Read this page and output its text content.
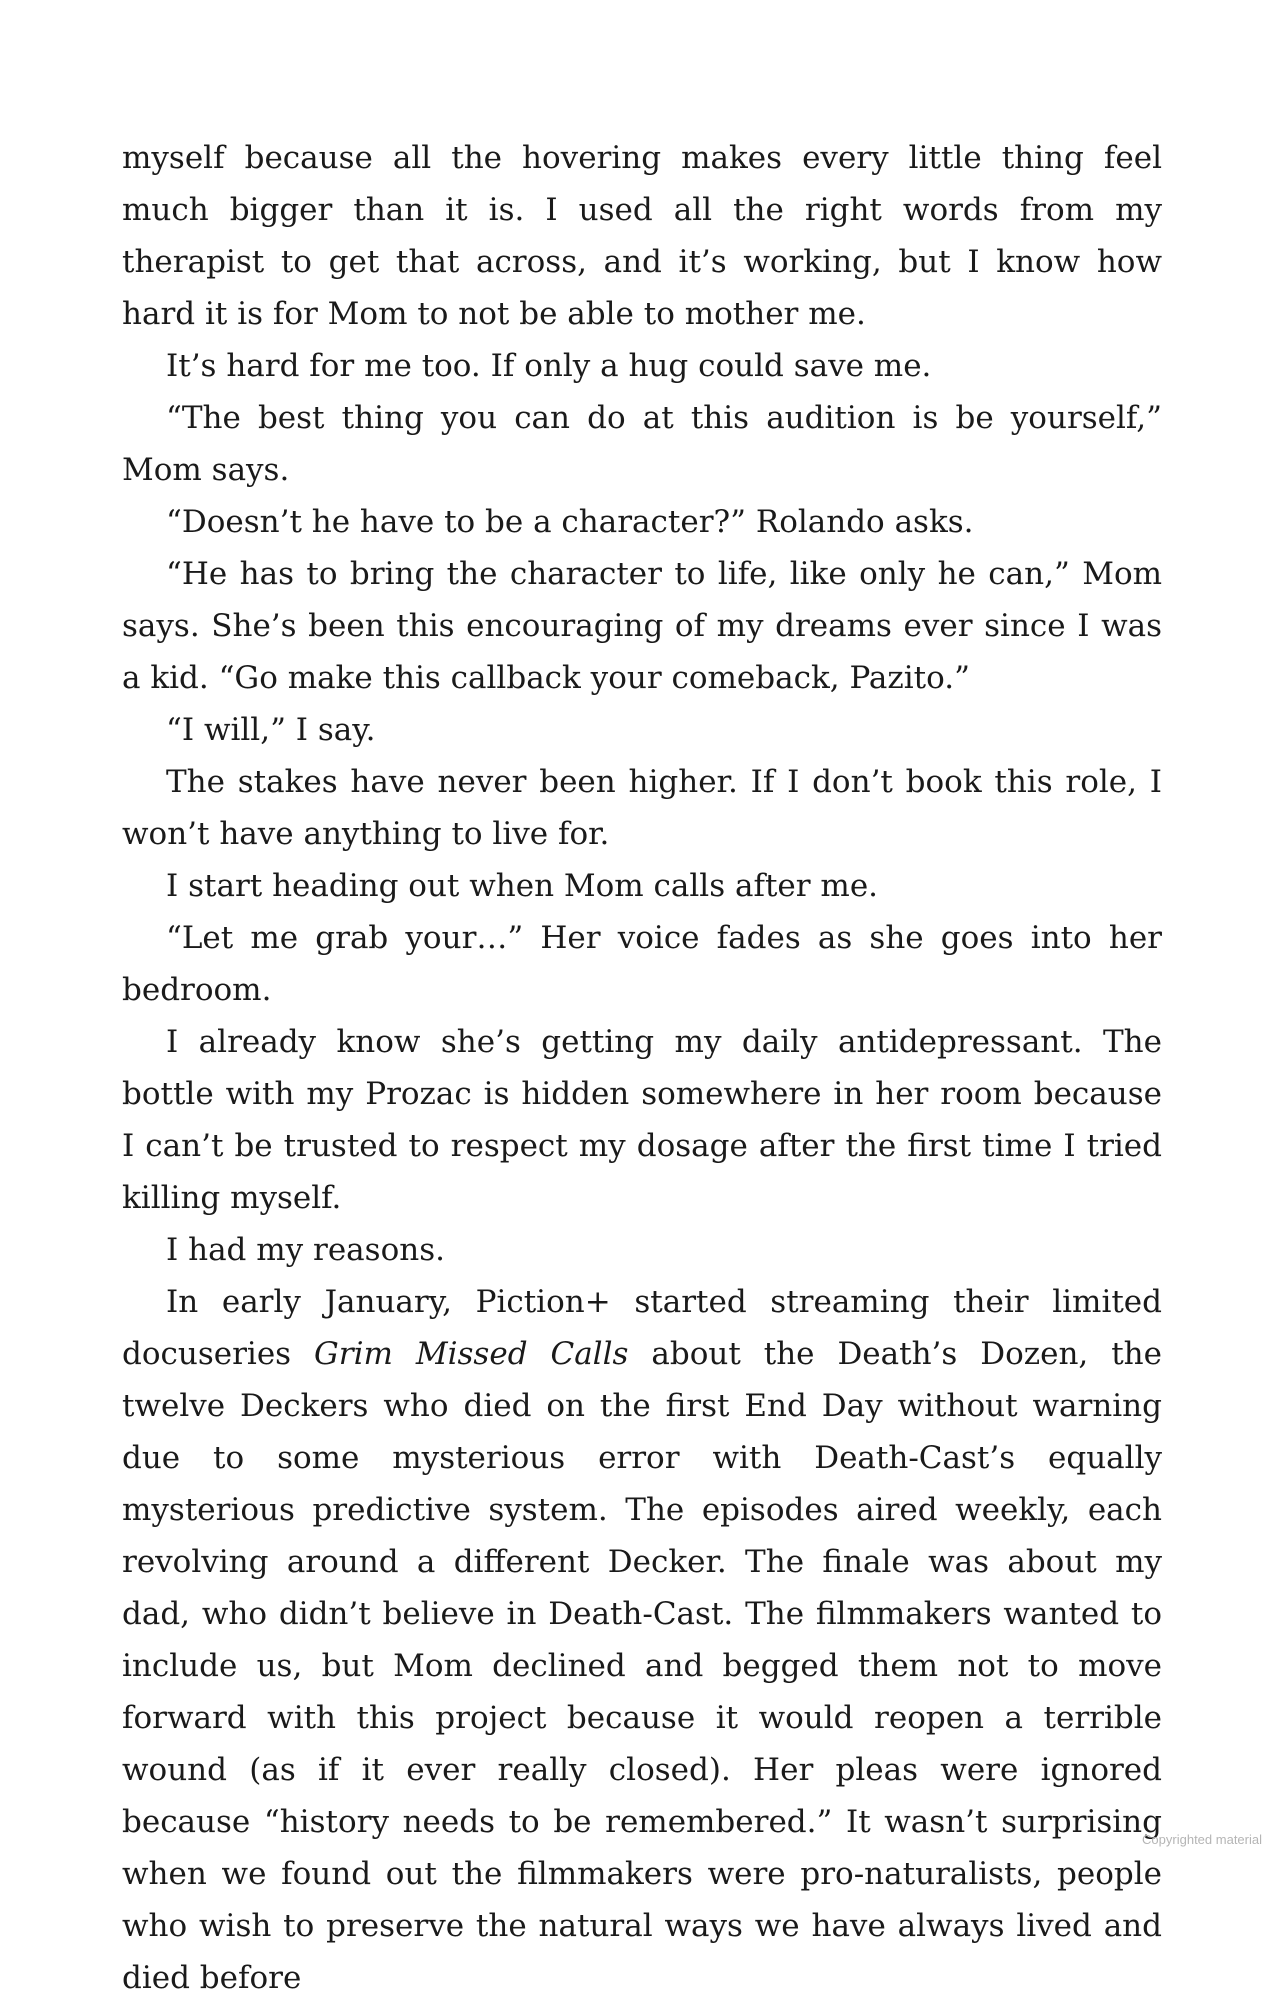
myself because all the hovering makes every little thing feel much bigger than it is. I used all the right words from my therapist to get that across, and it’s working, but I know how hard it is for Mom to not be able to mother me.

It’s hard for me too. If only a hug could save me.

“The best thing you can do at this audition is be yourself,” Mom says.

“Doesn’t he have to be a character?” Rolando asks.

“He has to bring the character to life, like only he can,” Mom says. She’s been this encouraging of my dreams ever since I was a kid. “Go make this callback your comeback, Pazito.”

“I will,” I say.

The stakes have never been higher. If I don’t book this role, I won’t have anything to live for.

I start heading out when Mom calls after me.

“Let me grab your…” Her voice fades as she goes into her bedroom.

I already know she’s getting my daily antidepressant. The bottle with my Prozac is hidden somewhere in her room because I can’t be trusted to respect my dosage after the first time I tried killing myself.

I had my reasons.

In early January, Piction+ started streaming their limited docuseries Grim Missed Calls about the Death’s Dozen, the twelve Deckers who died on the first End Day without warning due to some mysterious error with Death-Cast’s equally mysterious predictive system. The episodes aired weekly, each revolving around a different Decker. The finale was about my dad, who didn’t believe in Death-Cast. The filmmakers wanted to include us, but Mom declined and begged them not to move forward with this project because it would reopen a terrible wound (as if it ever really closed). Her pleas were ignored because “history needs to be remembered.” It wasn’t surprising when we found out the filmmakers were pro-naturalists, people who wish to preserve the natural ways we have always lived and died before

Copyrighted material
